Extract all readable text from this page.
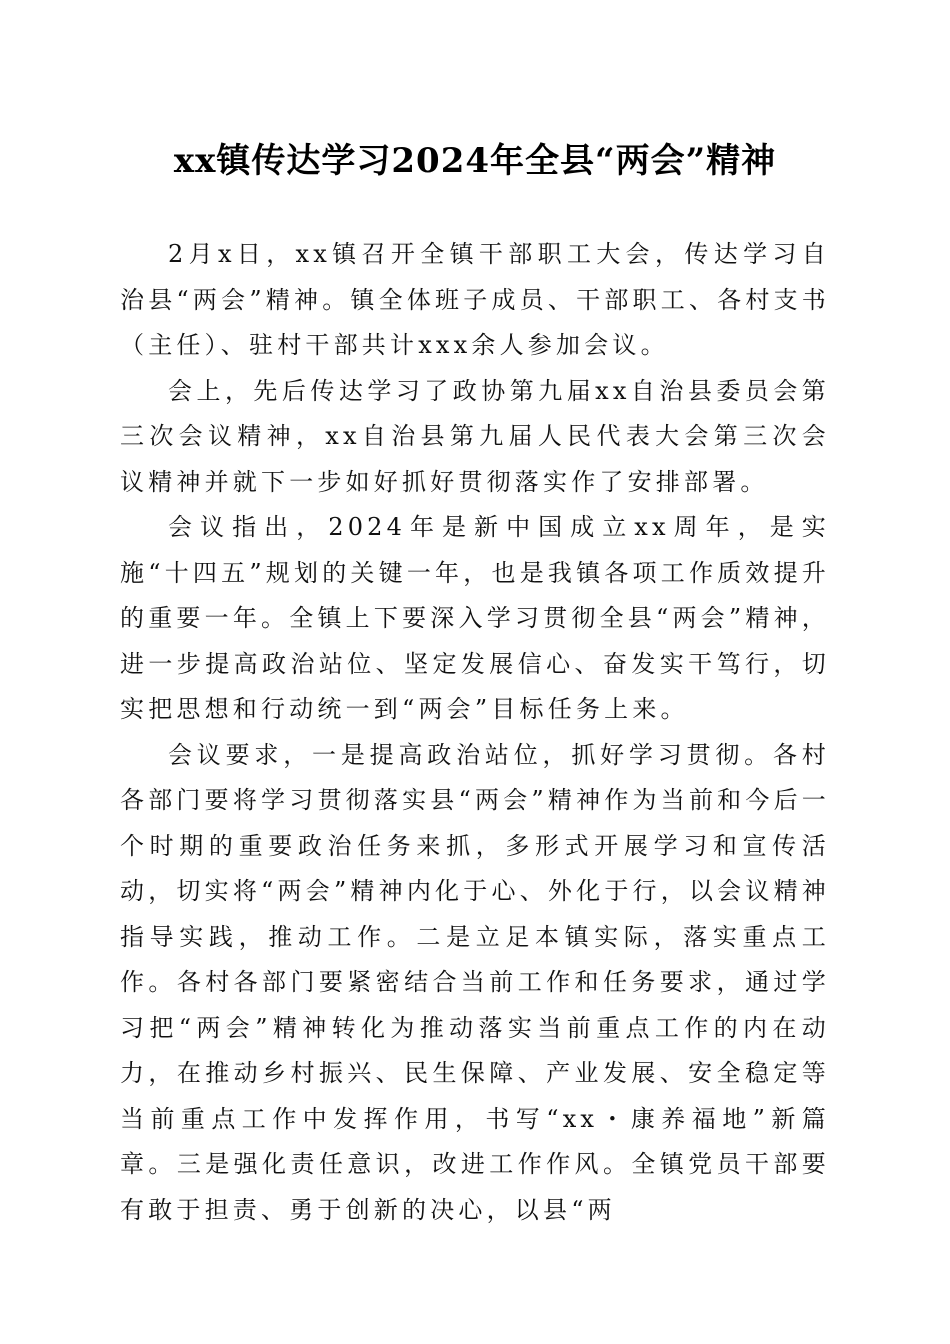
xx镇传达学习2024年全县“两会”精神

2月x日，xx镇召开全镇干部职工大会，传达学习自治县“两会”精神。镇全体班子成员、干部职工、各村支书（主任）、驻村干部共计xxx余人参加会议。

会上，先后传达学习了政协第九届xx自治县委员会第三次会议精神，xx自治县第九届人民代表大会第三次会议精神并就下一步如好抓好贯彻落实作了安排部署。

会议指出，2024年是新中国成立xx周年，是实施“十四五”规划的关键一年，也是我镇各项工作质效提升的重要一年。全镇上下要深入学习贯彻全县“两会”精神，进一步提高政治站位、坚定发展信心、奋发实干笃行，切实把思想和行动统一到“两会”目标任务上来。

会议要求，一是提高政治站位，抓好学习贯彻。各村各部门要将学习贯彻落实县“两会”精神作为当前和今后一个时期的重要政治任务来抓，多形式开展学习和宣传活动，切实将“两会”精神内化于心、外化于行，以会议精神指导实践，推动工作。二是立足本镇实际，落实重点工作。各村各部门要紧密结合当前工作和任务要求，通过学习把“两会”精神转化为推动落实当前重点工作的内在动力，在推动乡村振兴、民生保障、产业发展、安全稳定等当前重点工作中发挥作用，书写“xx・康养福地”新篇章。三是强化责任意识，改进工作作风。全镇党员干部要有敢于担责、勇于创新的决心，以县“两
